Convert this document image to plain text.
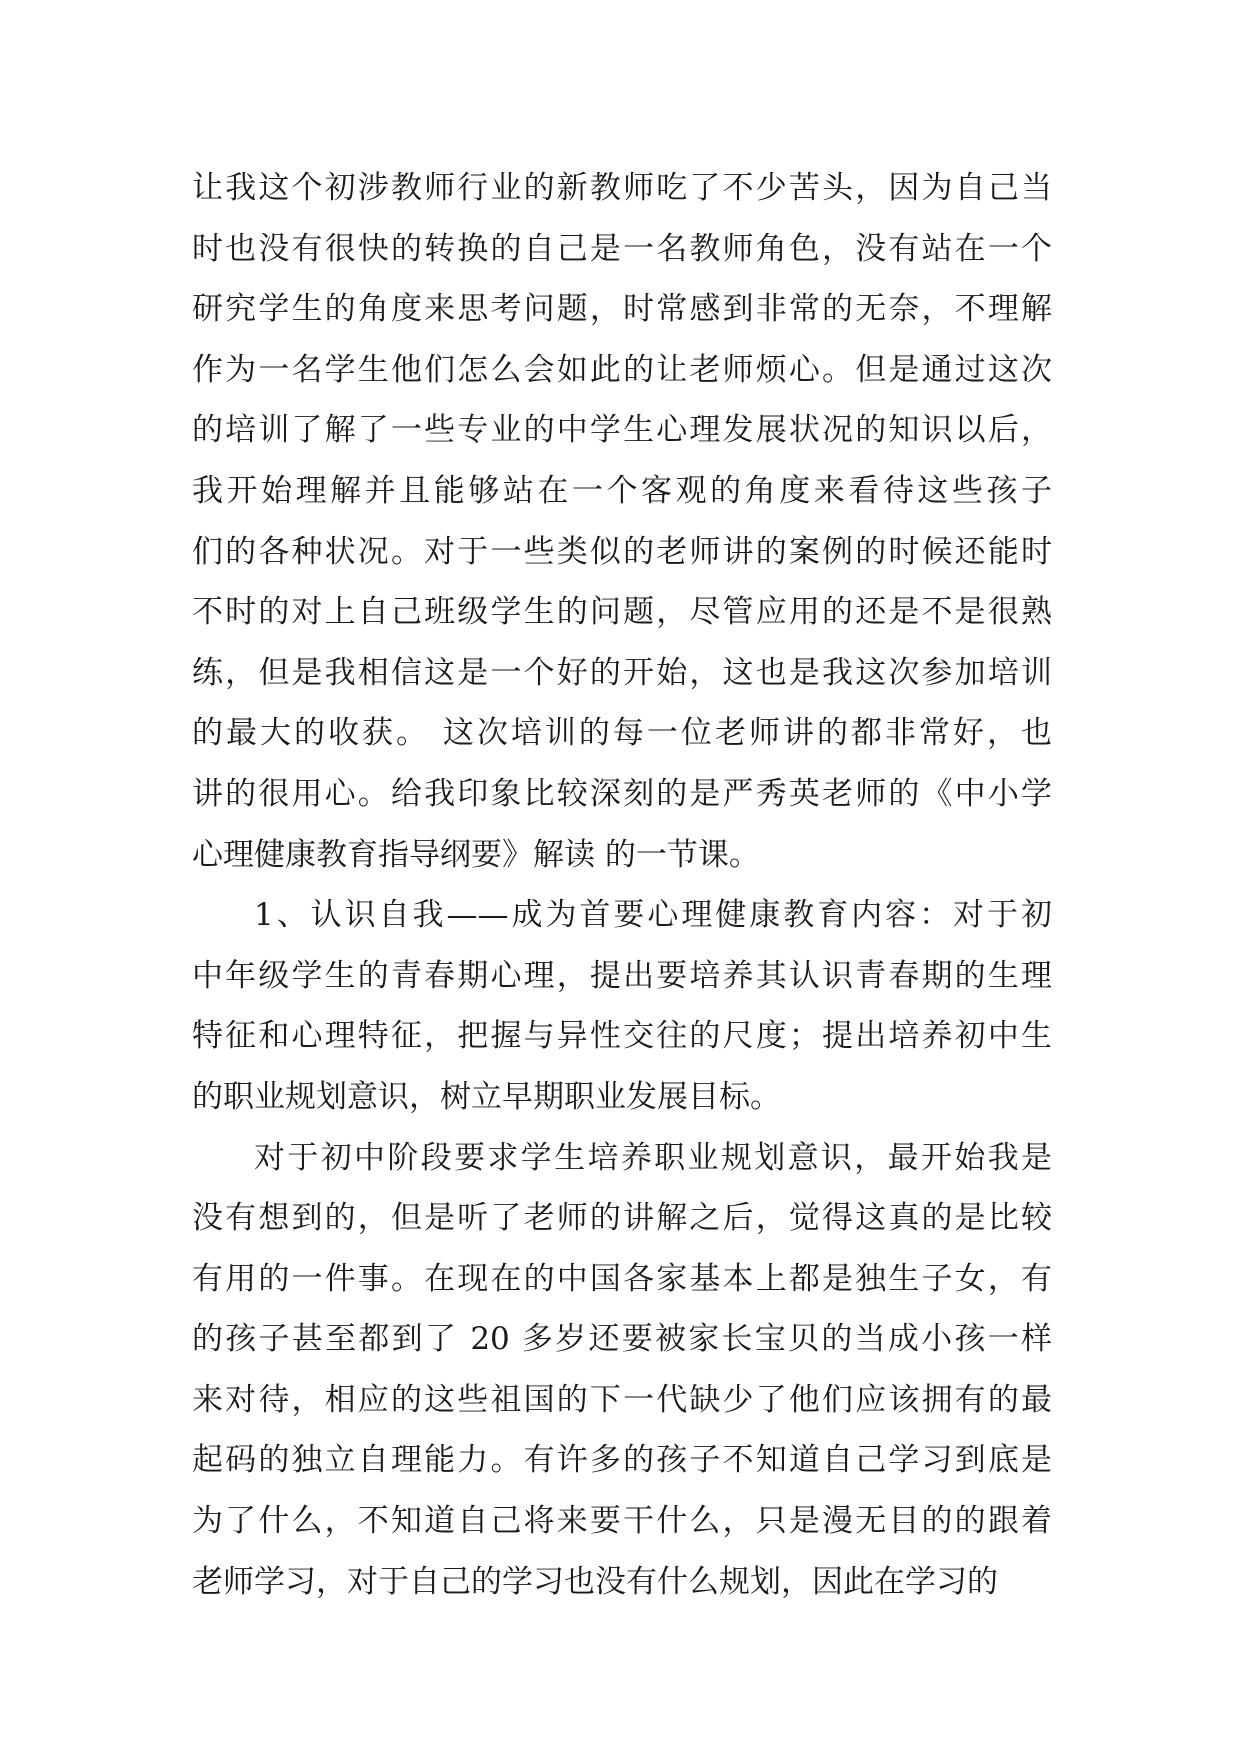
让我这个初涉教师行业的新教师吃了不少苦头，因为自己当
时也没有很快的转换的自己是一名教师角色，没有站在一个
研究学生的角度来思考问题，时常感到非常的无奈，不理解
作为一名学生他们怎么会如此的让老师烦心。但是通过这次
的培训了解了一些专业的中学生心理发展状况的知识以后，
我开始理解并且能够站在一个客观的角度来看待这些孩子
们的各种状况。对于一些类似的老师讲的案例的时候还能时
不时的对上自己班级学生的问题，尽管应用的还是不是很熟
练，但是我相信这是一个好的开始，这也是我这次参加培训
的最大的收获。 这次培训的每一位老师讲的都非常好，也
讲的很用心。给我印象比较深刻的是严秀英老师的《中小学
心理健康教育指导纲要》解读 的一节课。
1、认识自我——成为首要心理健康教育内容：对于初
中年级学生的青春期心理，提出要培养其认识青春期的生理
特征和心理特征，把握与异性交往的尺度；提出培养初中生
的职业规划意识，树立早期职业发展目标。
对于初中阶段要求学生培养职业规划意识，最开始我是
没有想到的，但是听了老师的讲解之后，觉得这真的是比较
有用的一件事。在现在的中国各家基本上都是独生子女，有
的孩子甚至都到了 20 多岁还要被家长宝贝的当成小孩一样
来对待，相应的这些祖国的下一代缺少了他们应该拥有的最
起码的独立自理能力。有许多的孩子不知道自己学习到底是
为了什么，不知道自己将来要干什么，只是漫无目的的跟着
老师学习，对于自己的学习也没有什么规划，因此在学习的
